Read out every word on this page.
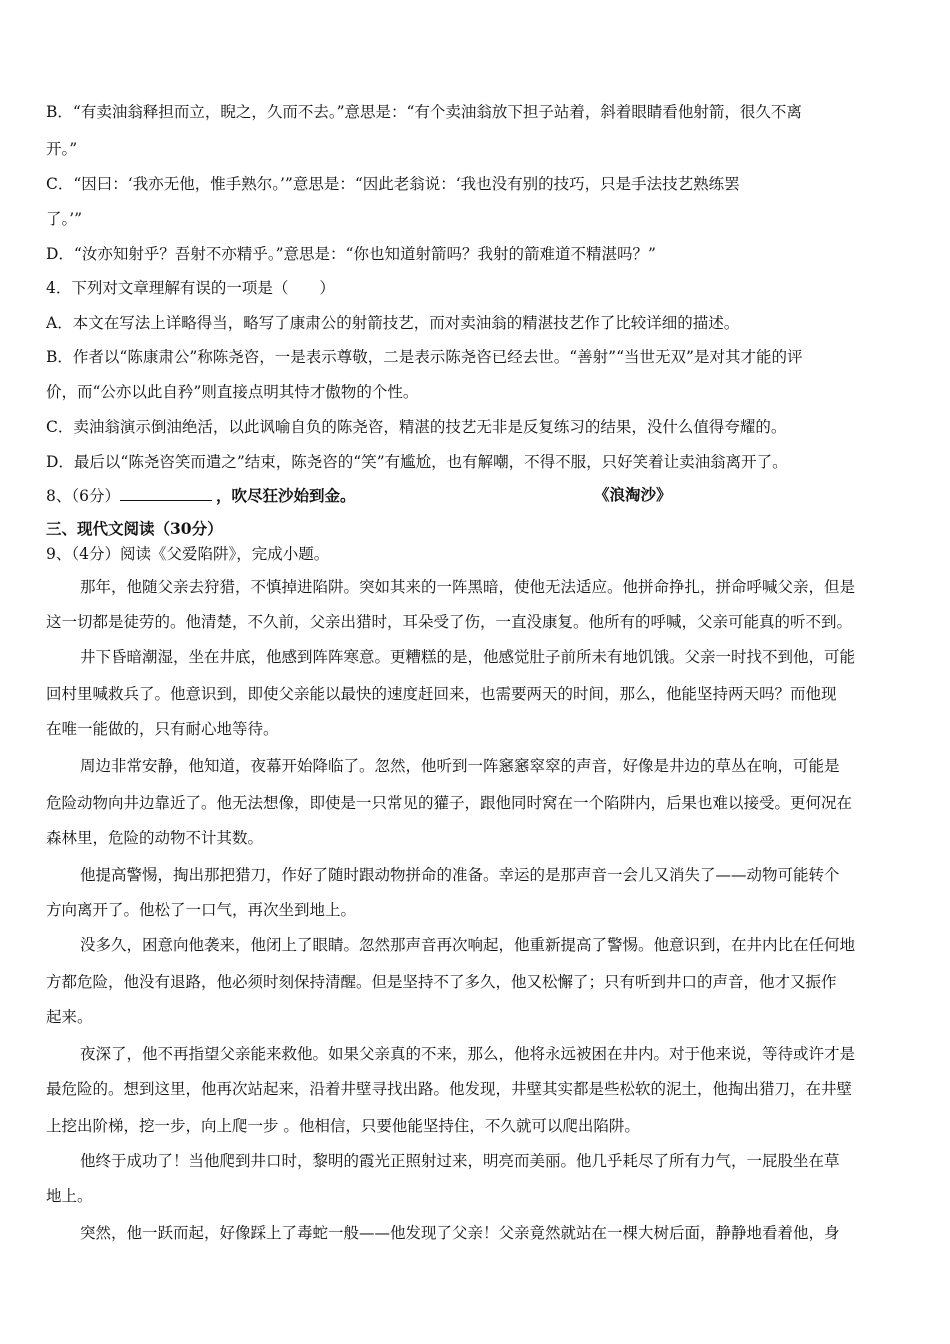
B．“有卖油翁释担而立，睨之，久而不去。”意思是：“有个卖油翁放下担子站着，斜着眼睛看他射箭，很久不离
开。”
C．“因曰：‘我亦无他，惟手熟尔。’”意思是：“因此老翁说：‘我也没有别的技巧，只是手法技艺熟练罢
了。’”
D．“汝亦知射乎？吾射不亦精乎。”意思是：“你也知道射箭吗？我射的箭难道不精湛吗？”
4．下列对文章理解有误的一项是（　　）
A．本文在写法上详略得当，略写了康肃公的射箭技艺，而对卖油翁的精湛技艺作了比较详细的描述。
B．作者以“陈康肃公”称陈尧咨，一是表示尊敬，二是表示陈尧咨已经去世。“善射”“当世无双”是对其才能的评
价，而“公亦以此自矜”则直接点明其恃才傲物的个性。
C．卖油翁演示倒油绝活，以此讽喻自负的陈尧咨，精湛的技艺无非是反复练习的结果，没什么值得夸耀的。
D．最后以“陈尧咨笑而遣之”结束，陈尧咨的“笑”有尴尬，也有解嘲，不得不服，只好笑着让卖油翁离开了。
8、（6分）	，吹尽狂沙始到金。	《浪淘沙》
三、现代文阅读（30分）
9、（4分）阅读《父爱陷阱》，完成小题。
那年，他随父亲去狩猎，不慎掉进陷阱。突如其来的一阵黑暗，使他无法适应。他拼命挣扎，拼命呼喊父亲，但是
这一切都是徒劳的。他清楚，不久前，父亲出猎时，耳朵受了伤，一直没康复。他所有的呼喊，父亲可能真的听不到。
井下昏暗潮湿，坐在井底，他感到阵阵寒意。更糟糕的是，他感觉肚子前所未有地饥饿。父亲一时找不到他，可能
回村里喊救兵了。他意识到，即使父亲能以最快的速度赶回来，也需要两天的时间，那么，他能坚持两天吗？而他现
在唯一能做的，只有耐心地等待。
周边非常安静，他知道，夜幕开始降临了。忽然，他听到一阵窸窸窣窣的声音，好像是井边的草丛在响，可能是
危险动物向井边靠近了。他无法想像，即使是一只常见的獾子，跟他同时窝在一个陷阱内，后果也难以接受。更何况在
森林里，危险的动物不计其数。
他提高警惕，掏出那把猎刀，作好了随时跟动物拼命的准备。幸运的是那声音一会儿又消失了——动物可能转个
方向离开了。他松了一口气，再次坐到地上。
没多久，困意向他袭来，他闭上了眼睛。忽然那声音再次响起，他重新提高了警惕。他意识到，在井内比在任何地
方都危险，他没有退路，他必须时刻保持清醒。但是坚持不了多久，他又松懈了；只有听到井口的声音，他才又振作
起来。
夜深了，他不再指望父亲能来救他。如果父亲真的不来，那么，他将永远被困在井内。对于他来说，等待或许才是
最危险的。想到这里，他再次站起来，沿着井壁寻找出路。他发现，井壁其实都是些松软的泥土，他掏出猎刀，在井壁
上挖出阶梯，挖一步，向上爬一步 。他相信，只要他能坚持住，不久就可以爬出陷阱。
他终于成功了！当他爬到井口时，黎明的霞光正照射过来，明亮而美丽。他几乎耗尽了所有力气，一屁股坐在草
地上。
突然，他一跃而起，好像踩上了毒蛇一般——他发现了父亲！父亲竟然就站在一棵大树后面，静静地看着他，身
